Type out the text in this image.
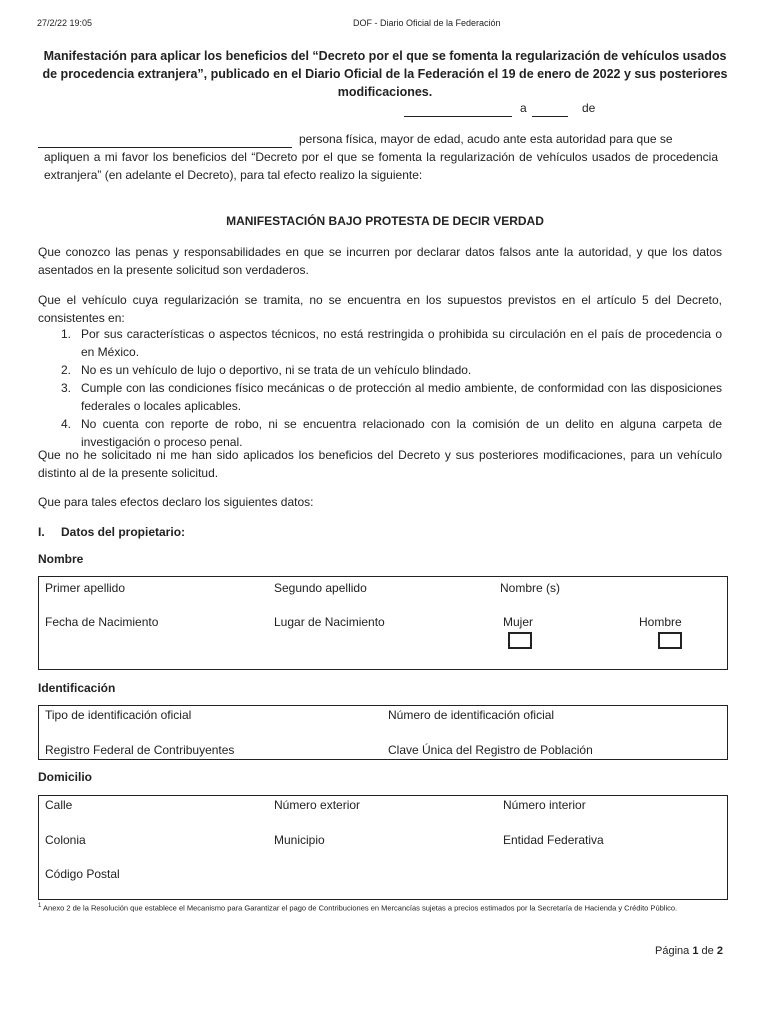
27/2/22 19:05	DOF - Diario Oficial de la Federación
Manifestación para aplicar los beneficios del “Decreto por el que se fomenta la regularización de vehículos usados de procedencia extranjera”, publicado en el Diario Oficial de la Federación el 19 de enero de 2022 y sus posteriores modificaciones.
a	de
persona física, mayor de edad, acudo ante esta autoridad para que se
apliquen a mi favor los beneficios del “Decreto por el que se fomenta la regularización de vehículos usados de procedencia extranjera” (en adelante el Decreto), para tal efecto realizo la siguiente:
MANIFESTACIÓN BAJO PROTESTA DE DECIR VERDAD
Que conozco las penas y responsabilidades en que se incurren por declarar datos falsos ante la autoridad, y que los datos asentados en la presente solicitud son verdaderos.
Que el vehículo cuya regularización se tramita, no se encuentra en los supuestos previstos en el artículo 5 del Decreto, consistentes en:
1. Por sus características o aspectos técnicos, no está restringida o prohibida su circulación en el país de procedencia o en México.
2. No es un vehículo de lujo o deportivo, ni se trata de un vehículo blindado.
3. Cumple con las condiciones físico mecánicas o de protección al medio ambiente, de conformidad con las disposiciones federales o locales aplicables.
4. No cuenta con reporte de robo, ni se encuentra relacionado con la comisión de un delito en alguna carpeta de investigación o proceso penal.
Que no he solicitado ni me han sido aplicados los beneficios del Decreto y sus posteriores modificaciones, para un vehículo distinto al de la presente solicitud.
Que para tales efectos declaro los siguientes datos:
I. Datos del propietario:
Nombre
Primer apellido	Segundo apellido	Nombre (s)
Fecha de Nacimiento	Lugar de Nacimiento	Mujer	Hombre
Identificación
Tipo de identificación oficial	Número de identificación oficial
Registro Federal de Contribuyentes	Clave Única del Registro de Población
Domicilio
Calle	Número exterior	Número interior
Colonia	Municipio	Entidad Federativa
Código Postal
$^1$ Anexo 2 de la Resolución que establece el Mecanismo para Garantizar el pago de Contribuciones en Mercancías sujetas a precios estimados por la Secretaría de Hacienda y Crédito Público.
Página 1 de 2
